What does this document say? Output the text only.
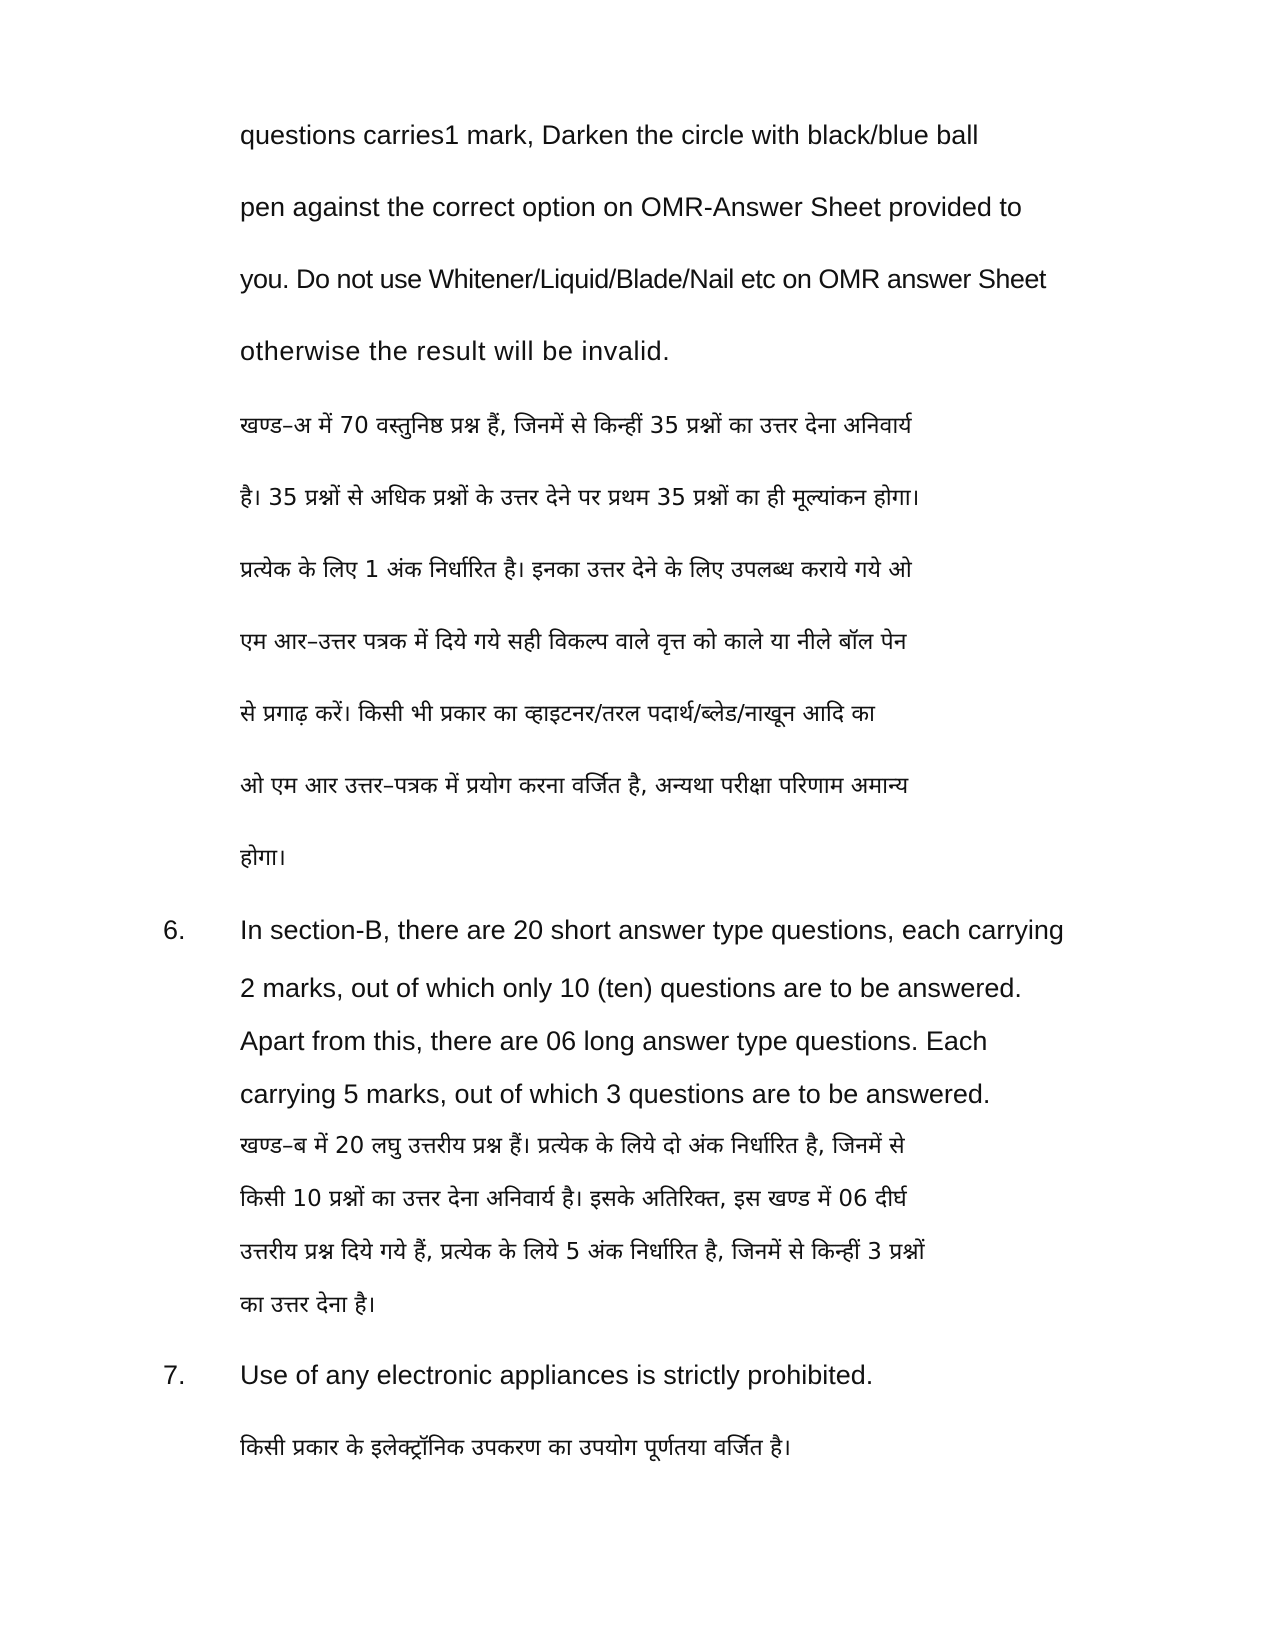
questions carries1 mark, Darken the circle with black/blue ball

pen against the correct option on OMR-Answer Sheet provided to

you. Do not use Whitener/Liquid/Blade/Nail etc on OMR answer Sheet

otherwise the result will be invalid.

खण्ड–अ में 70 वस्तुनिष्ठ प्रश्न हैं, जिनमें से किन्हीं 35 प्रश्नों का उत्तर देना अनिवार्य

है। 35 प्रश्नों से अधिक प्रश्नों के उत्तर देने पर प्रथम 35 प्रश्नों का ही मूल्यांकन होगा।

प्रत्येक के लिए 1 अंक निर्धारित है। इनका उत्तर देने के लिए उपलब्ध कराये गये ओ

एम आर–उत्तर पत्रक में दिये गये सही विकल्प वाले वृत्त को काले या नीले बॉल पेन

से प्रगाढ़ करें। किसी भी प्रकार का व्हाइटनर/तरल पदार्थ/ब्लेड/नाखून आदि का

ओ एम आर उत्तर–पत्रक में प्रयोग करना वर्जित है, अन्यथा परीक्षा परिणाम अमान्य

होगा।

6. In section-B, there are 20 short answer type questions, each carrying

2 marks, out of which only 10 (ten) questions are to be answered.

Apart from this, there are 06 long answer type questions. Each

carrying 5 marks, out of which 3 questions are to be answered.

खण्ड–ब में 20 लघु उत्तरीय प्रश्न हैं। प्रत्येक के लिये दो अंक निर्धारित है, जिनमें से

किसी 10 प्रश्नों का उत्तर देना अनिवार्य है। इसके अतिरिक्त, इस खण्ड में 06 दीर्घ

उत्तरीय प्रश्न दिये गये हैं, प्रत्येक के लिये 5 अंक निर्धारित है, जिनमें से किन्हीं 3 प्रश्नों

का उत्तर देना है।

7. Use of any electronic appliances is strictly prohibited.

किसी प्रकार के इलेक्ट्रॉनिक उपकरण का उपयोग पूर्णतया वर्जित है।
